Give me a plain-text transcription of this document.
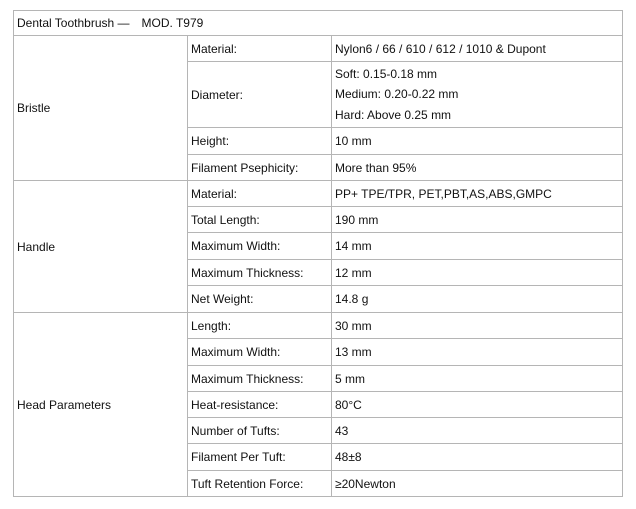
Dental Toothbrush — MOD. T979		
Bristle	Material:	Nylon6 / 66 / 610 / 612 / 1010 & Dupont
	Diameter:	Soft: 0.15-0.18 mm
Medium: 0.20-0.22 mm
Hard: Above 0.25 mm

	Height:	10 mm
	Filament Psephicity:	More than 95%
Handle	Material:	PP+ TPE/TPR, PET,PBT,AS,ABS,GMPC
	Total Length:	190 mm
	Maximum Width:	14 mm
	Maximum Thickness:	12 mm
	Net Weight:	14.8 g
Head Parameters	Length:	30 mm
	Maximum Width:	13 mm
	Maximum Thickness:	5 mm
	Heat-resistance:	80°C
	Number of Tufts:	43
	Filament Per Tuft:	48±8
	Tuft Retention Force:	≥20Newton
